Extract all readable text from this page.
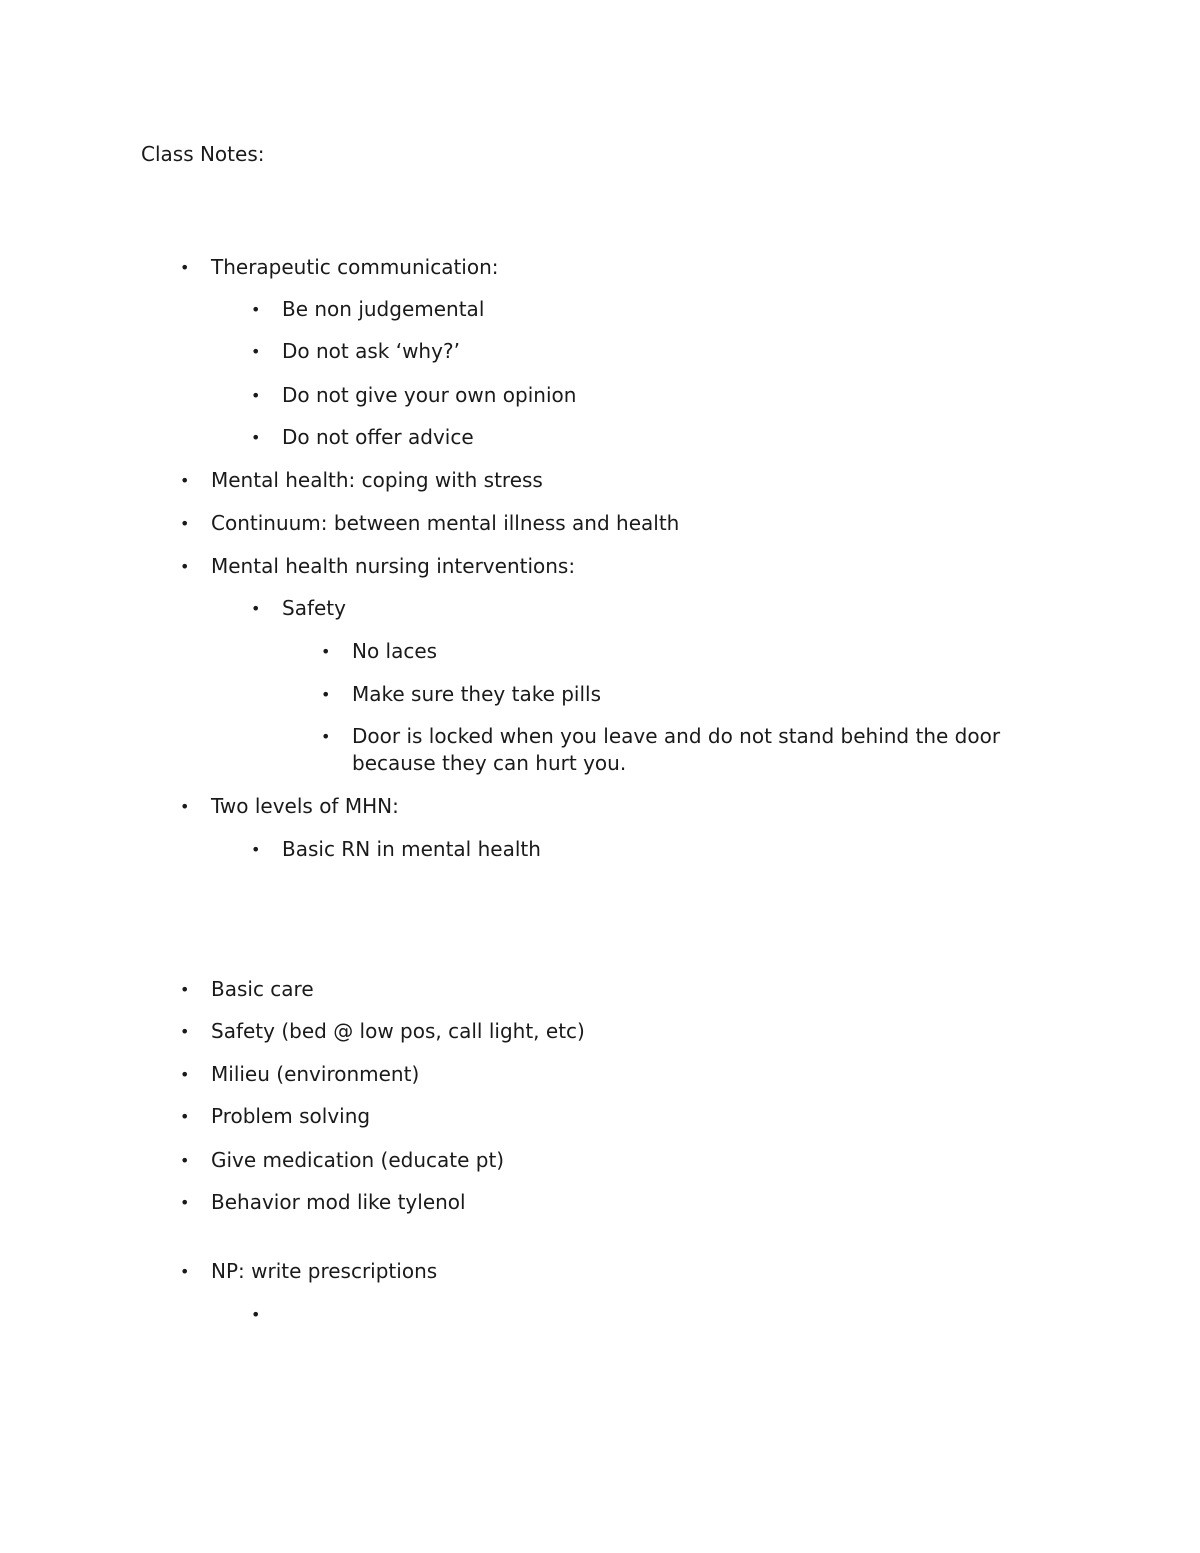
Class Notes:
• Therapeutic communication:
• Be non judgemental
• Do not ask ‘why?’
• Do not give your own opinion
• Do not offer advice
• Mental health: coping with stress
• Continuum: between mental illness and health
• Mental health nursing interventions:
• Safety
• No laces
• Make sure they take pills
• Door is locked when you leave and do not stand behind the door because they can hurt you.
• Two levels of MHN:
• Basic RN in mental health
• Basic care
• Safety (bed @ low pos, call light, etc)
• Milieu (environment)
• Problem solving
• Give medication (educate pt)
• Behavior mod like tylenol
• NP: write prescriptions
•
